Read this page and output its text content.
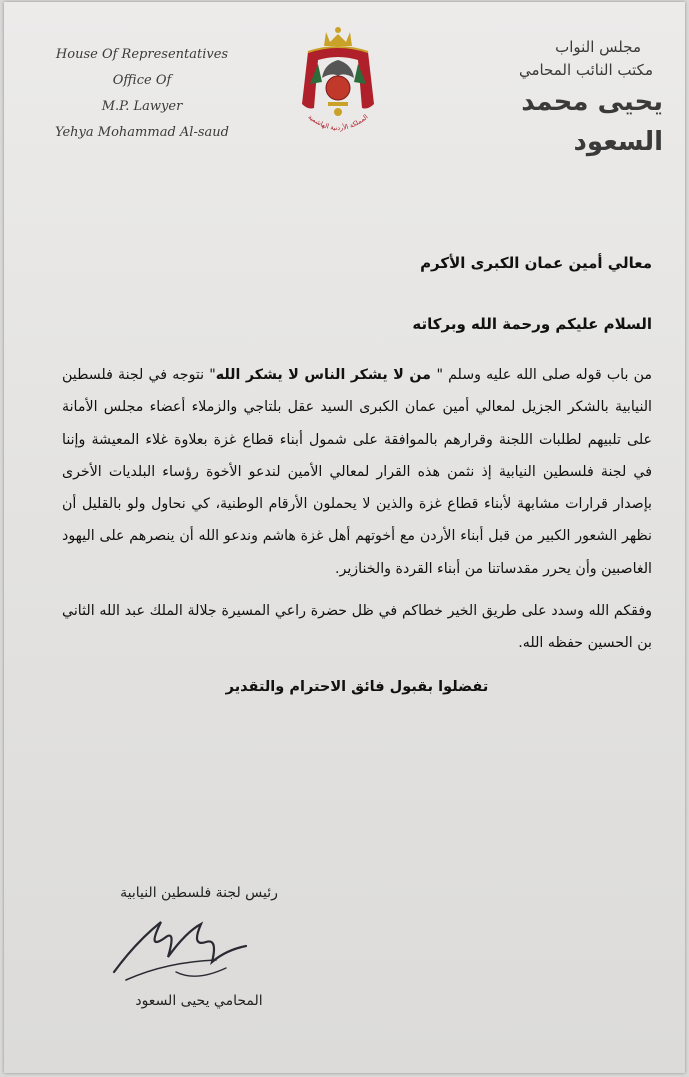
House Of Representatives
Office Of
M.P. Lawyer
Yehya Mohammad Al-saud
المملكة الأردنية الهاشمية
مجلس النواب
مكتب النائب المحامي
يحيى محمد السعود

معالي أمين عمان الكبرى الأكرم

السلام عليكم ورحمة الله وبركاته

من باب قوله صلى الله عليه وسلم " من لا يشكر الناس لا يشكر الله" نتوجه في لجنة فلسطين النيابية بالشكر الجزيل لمعالي أمين عمان الكبرى السيد عقل بلتاجي والزملاء أعضاء مجلس الأمانة على تلبيهم لطلبات اللجنة وقرارهم بالموافقة على شمول أبناء قطاع غزة بعلاوة غلاء المعيشة وإننا في لجنة فلسطين النيابية إذ نثمن هذه القرار لمعالي الأمين لندعو الأخوة رؤساء البلديات الأخرى بإصدار قرارات مشابهة لأبناء قطاع غزة والذين لا يحملون الأرقام الوطنية، كي نحاول ولو بالقليل أن نظهر الشعور الكبير من قبل أبناء الأردن مع أخوتهم أهل غزة هاشم وندعو الله أن ينصرهم على اليهود الغاصبين وأن يحرر مقدساتنا من أبناء القردة والخنازير.

وفقكم الله وسدد على طريق الخير خطاكم في ظل حضرة راعي المسيرة جلالة الملك عبد الله الثاني بن الحسين حفظه الله.

تفضلوا بقبول فائق الاحترام والتقدير

رئيس لجنة فلسطين النيابية
المحامي يحيى السعود
